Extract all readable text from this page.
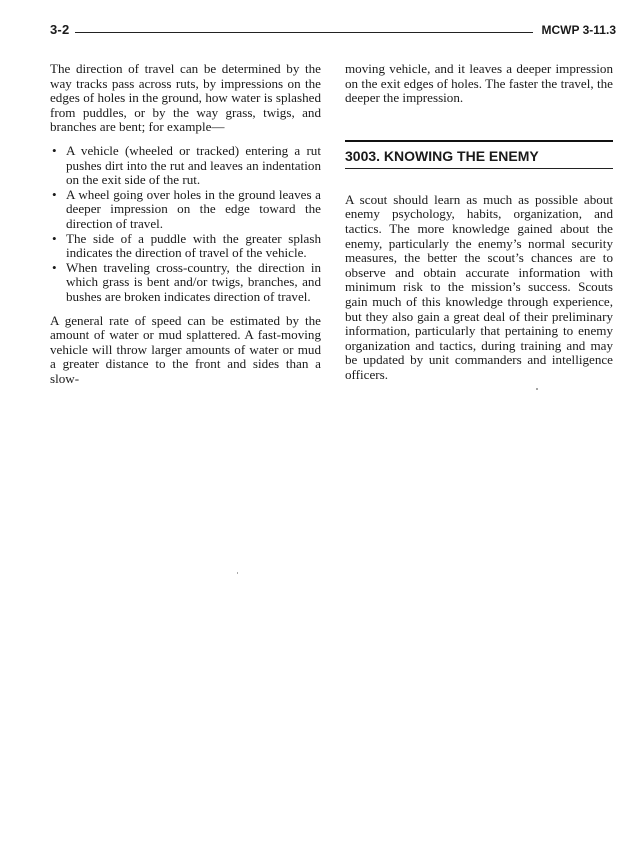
3-2	MCWP 3-11.3

The direction of travel can be determined by the way tracks pass across ruts, by impressions on the edges of holes in the ground, how water is splashed from puddles, or by the way grass, twigs, and branches are bent; for example—

• A vehicle (wheeled or tracked) entering a rut pushes dirt into the rut and leaves an indentation on the exit side of the rut.
• A wheel going over holes in the ground leaves a deeper impression on the edge toward the direction of travel.
• The side of a puddle with the greater splash indicates the direction of travel of the vehicle.
• When traveling cross-country, the direction in which grass is bent and/or twigs, branches, and bushes are broken indicates direction of travel.

A general rate of speed can be estimated by the amount of water or mud splattered. A fast-moving vehicle will throw larger amounts of water or mud a greater distance to the front and sides than a slow-

moving vehicle, and it leaves a deeper impression on the exit edges of holes. The faster the travel, the deeper the impression.

3003. KNOWING THE ENEMY

A scout should learn as much as possible about enemy psychology, habits, organization, and tactics. The more knowledge gained about the enemy, particularly the enemy’s normal security measures, the better the scout’s chances are to observe and obtain accurate information with minimum risk to the mission’s success. Scouts gain much of this knowledge through experience, but they also gain a great deal of their preliminary information, particularly that pertaining to enemy organization and tactics, during training and may be updated by unit commanders and intelligence officers.
